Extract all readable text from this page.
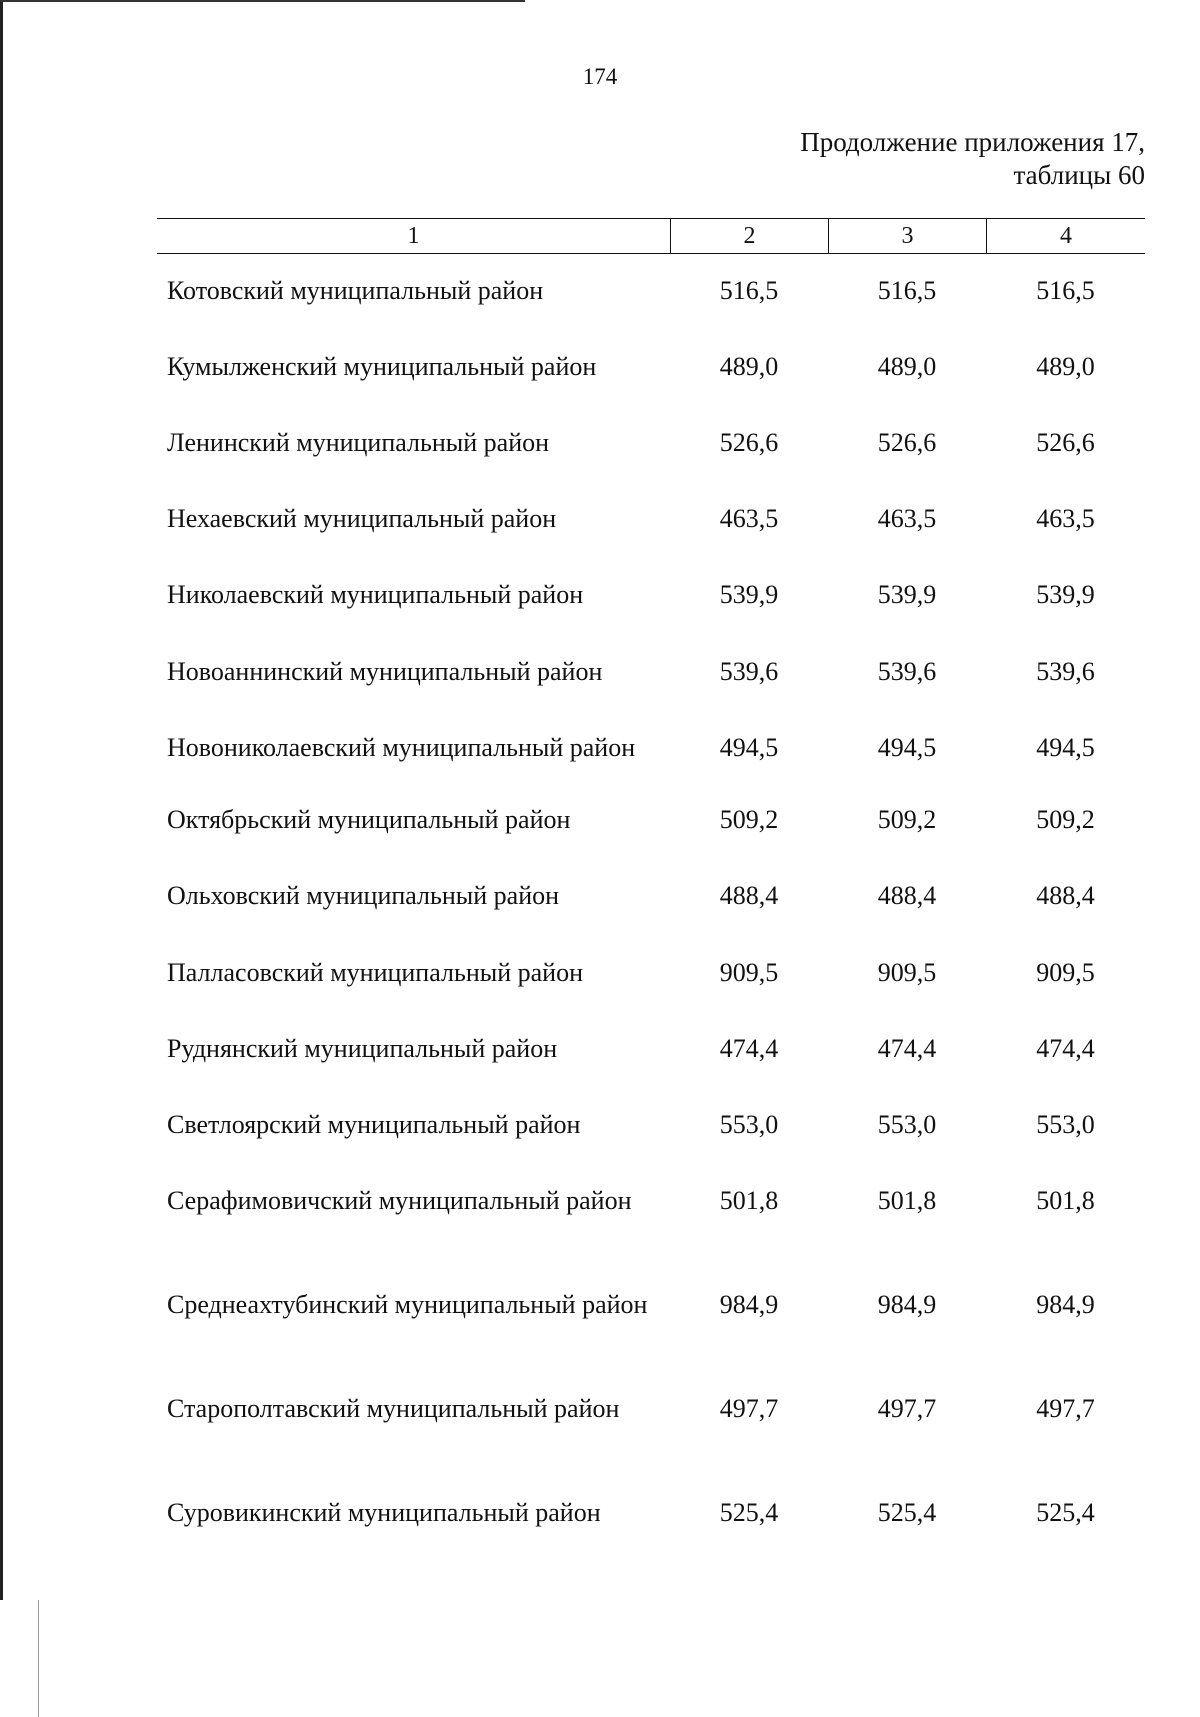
174
Продолжение приложения 17,
таблицы 60
1	2	3	4
Котовский муниципальный район	516,5	516,5	516,5
Кумылженский муниципальный район	489,0	489,0	489,0
Ленинский муниципальный район	526,6	526,6	526,6
Нехаевский муниципальный район	463,5	463,5	463,5
Николаевский муниципальный район	539,9	539,9	539,9
Новоаннинский муниципальный район	539,6	539,6	539,6
Новониколаевский муниципальный район	494,5	494,5	494,5
Октябрьский муниципальный район	509,2	509,2	509,2
Ольховский муниципальный район	488,4	488,4	488,4
Палласовский муниципальный район	909,5	909,5	909,5
Руднянский муниципальный район	474,4	474,4	474,4
Светлоярский муниципальный район	553,0	553,0	553,0
Серафимовичский муниципальный район	501,8	501,8	501,8
Среднеахтубинский муниципальный район	984,9	984,9	984,9
Старополтавский муниципальный район	497,7	497,7	497,7
Суровикинский муниципальный район	525,4	525,4	525,4
